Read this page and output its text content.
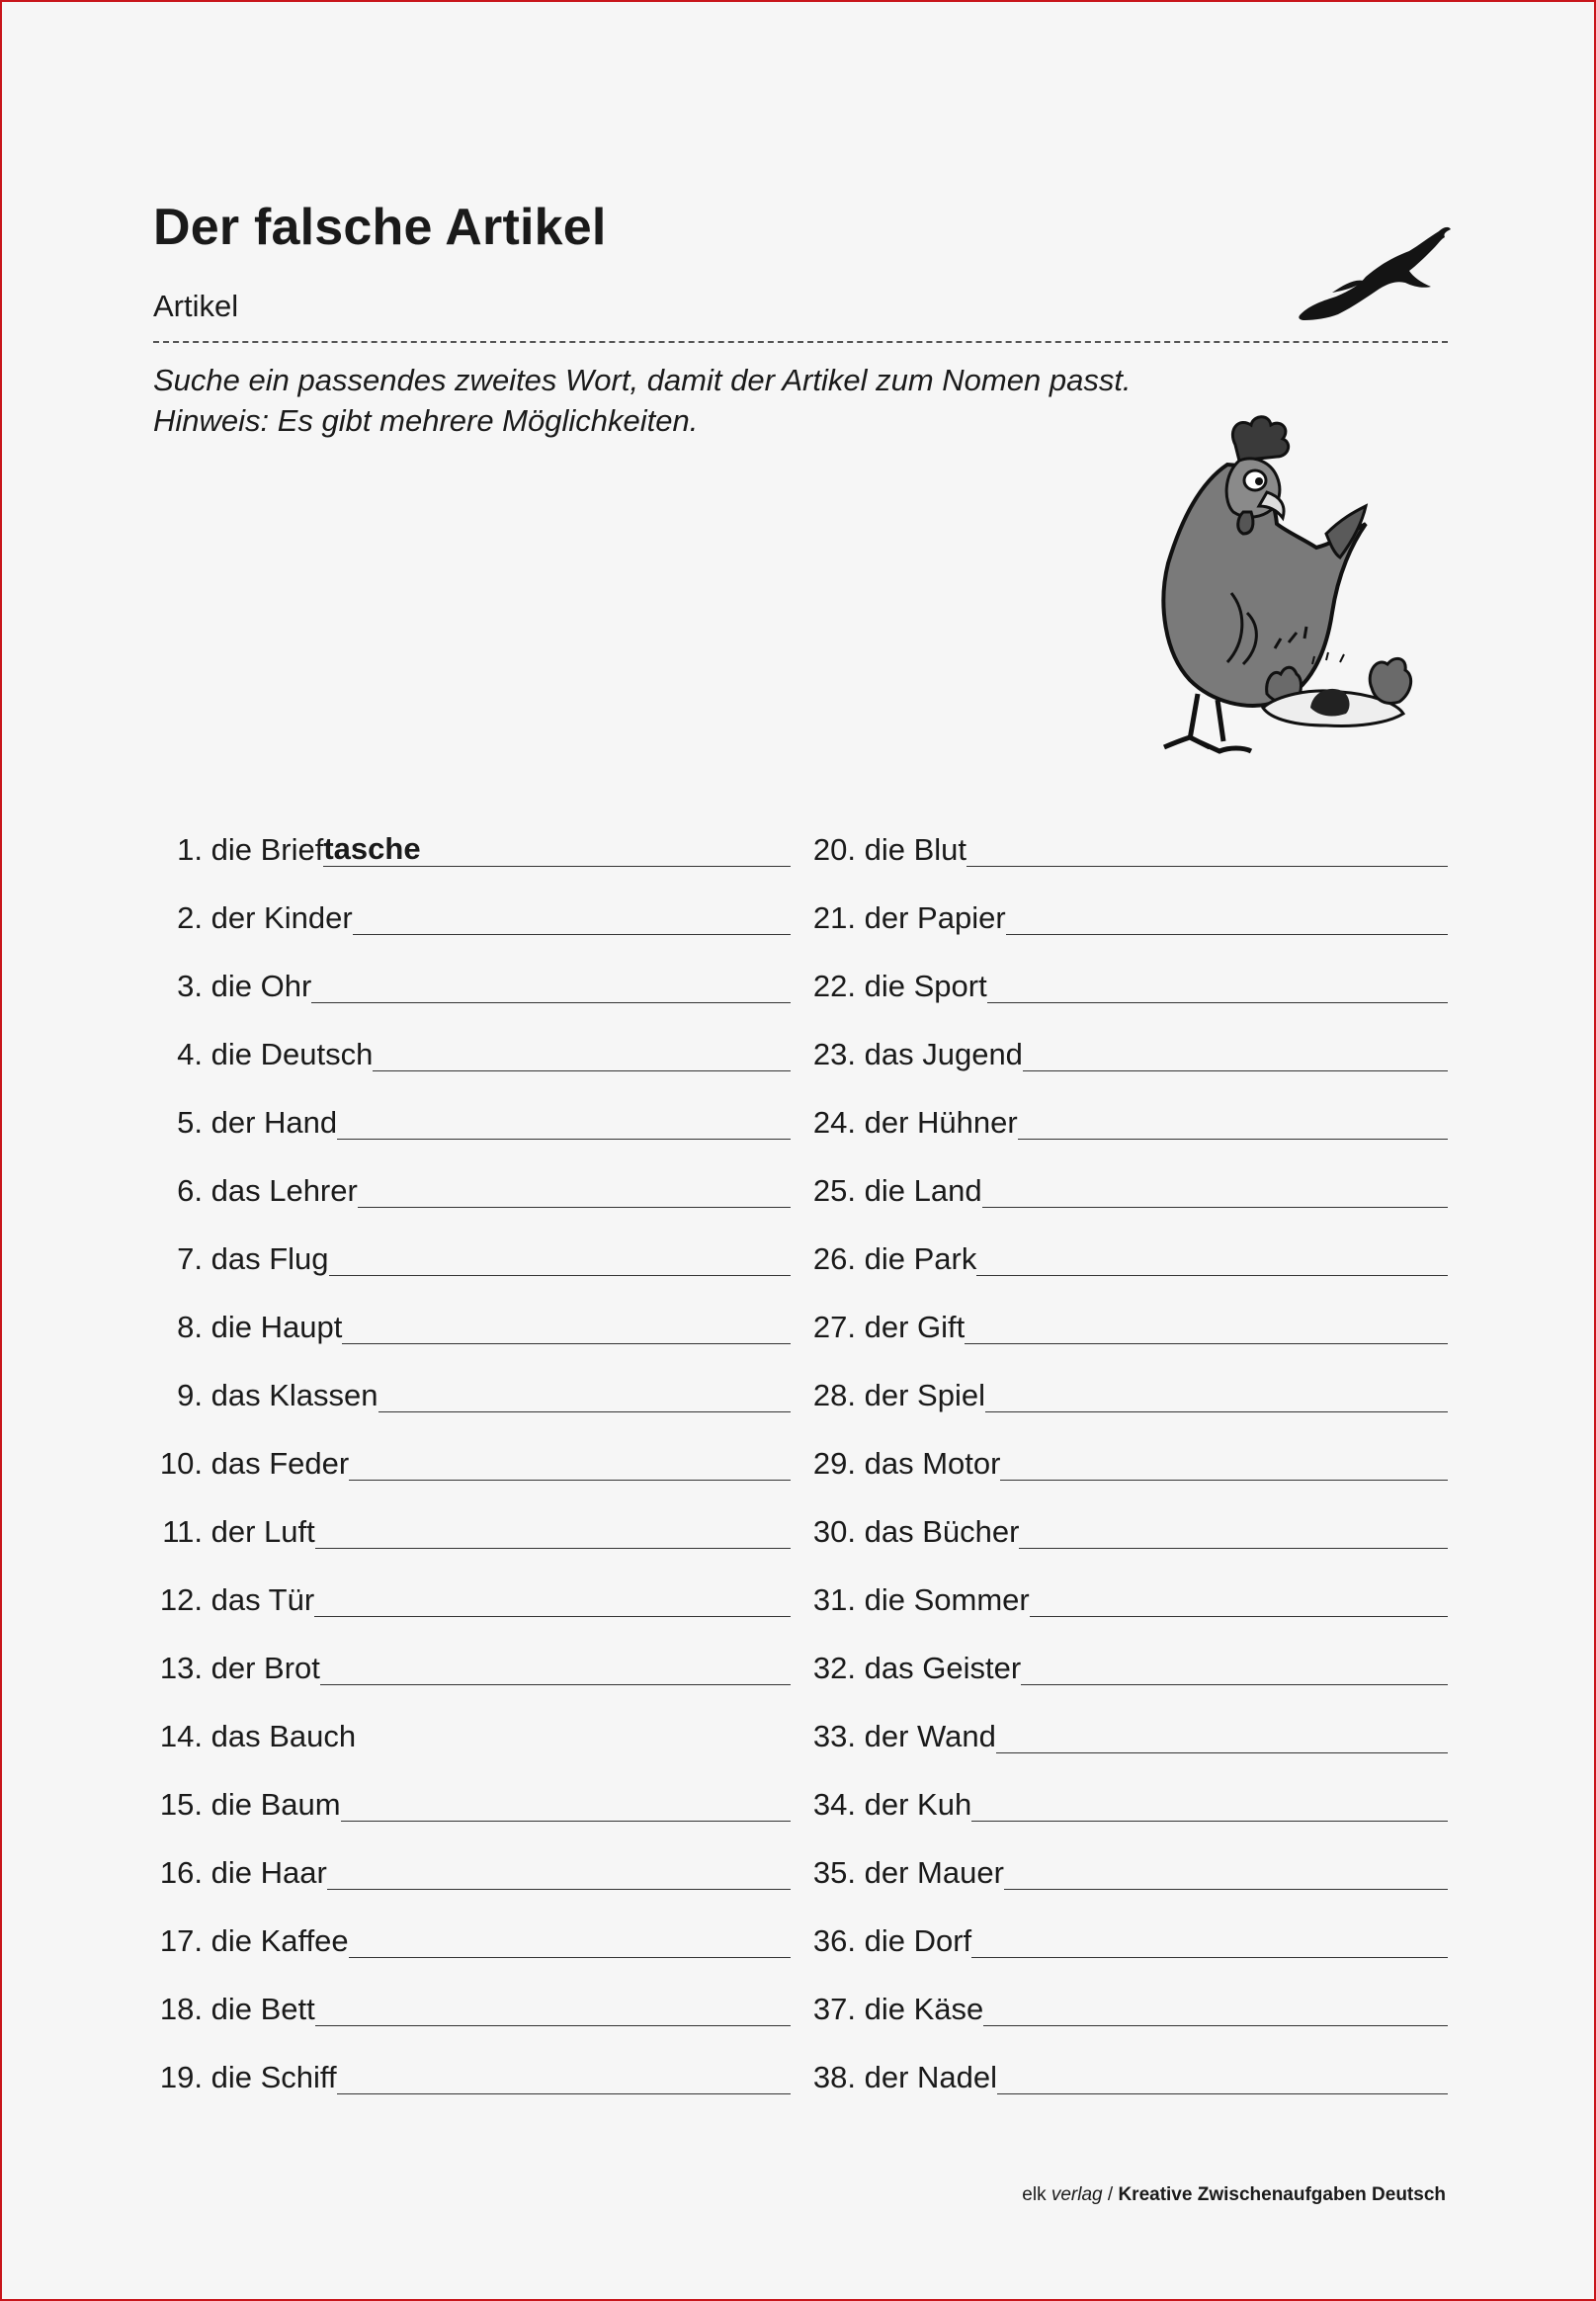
Der falsche Artikel
Artikel
Suche ein passendes zweites Wort, damit der Artikel zum Nomen passt.
Hinweis: Es gibt mehrere Möglichkeiten.
1. die Brief tasche	20. die Blut
2. der Kinder	21. der Papier
3. die Ohr	22. die Sport
4. die Deutsch	23. das Jugend
5. der Hand	24. der Hühner
6. das Lehrer	25. die Land
7. das Flug	26. die Park
8. die Haupt	27. der Gift
9. das Klassen	28. der Spiel
10. das Feder	29. das Motor
11. der Luft	30. das Bücher
12. das Tür	31. die Sommer
13. der Brot	32. das Geister
14. das Bauch	33. der Wand
15. die Baum	34. der Kuh
16. die Haar	35. der Mauer
17. die Kaffee	36. die Dorf
18. die Bett	37. die Käse
19. die Schiff	38. der Nadel
elk verlag / Kreative Zwischenaufgaben Deutsch
